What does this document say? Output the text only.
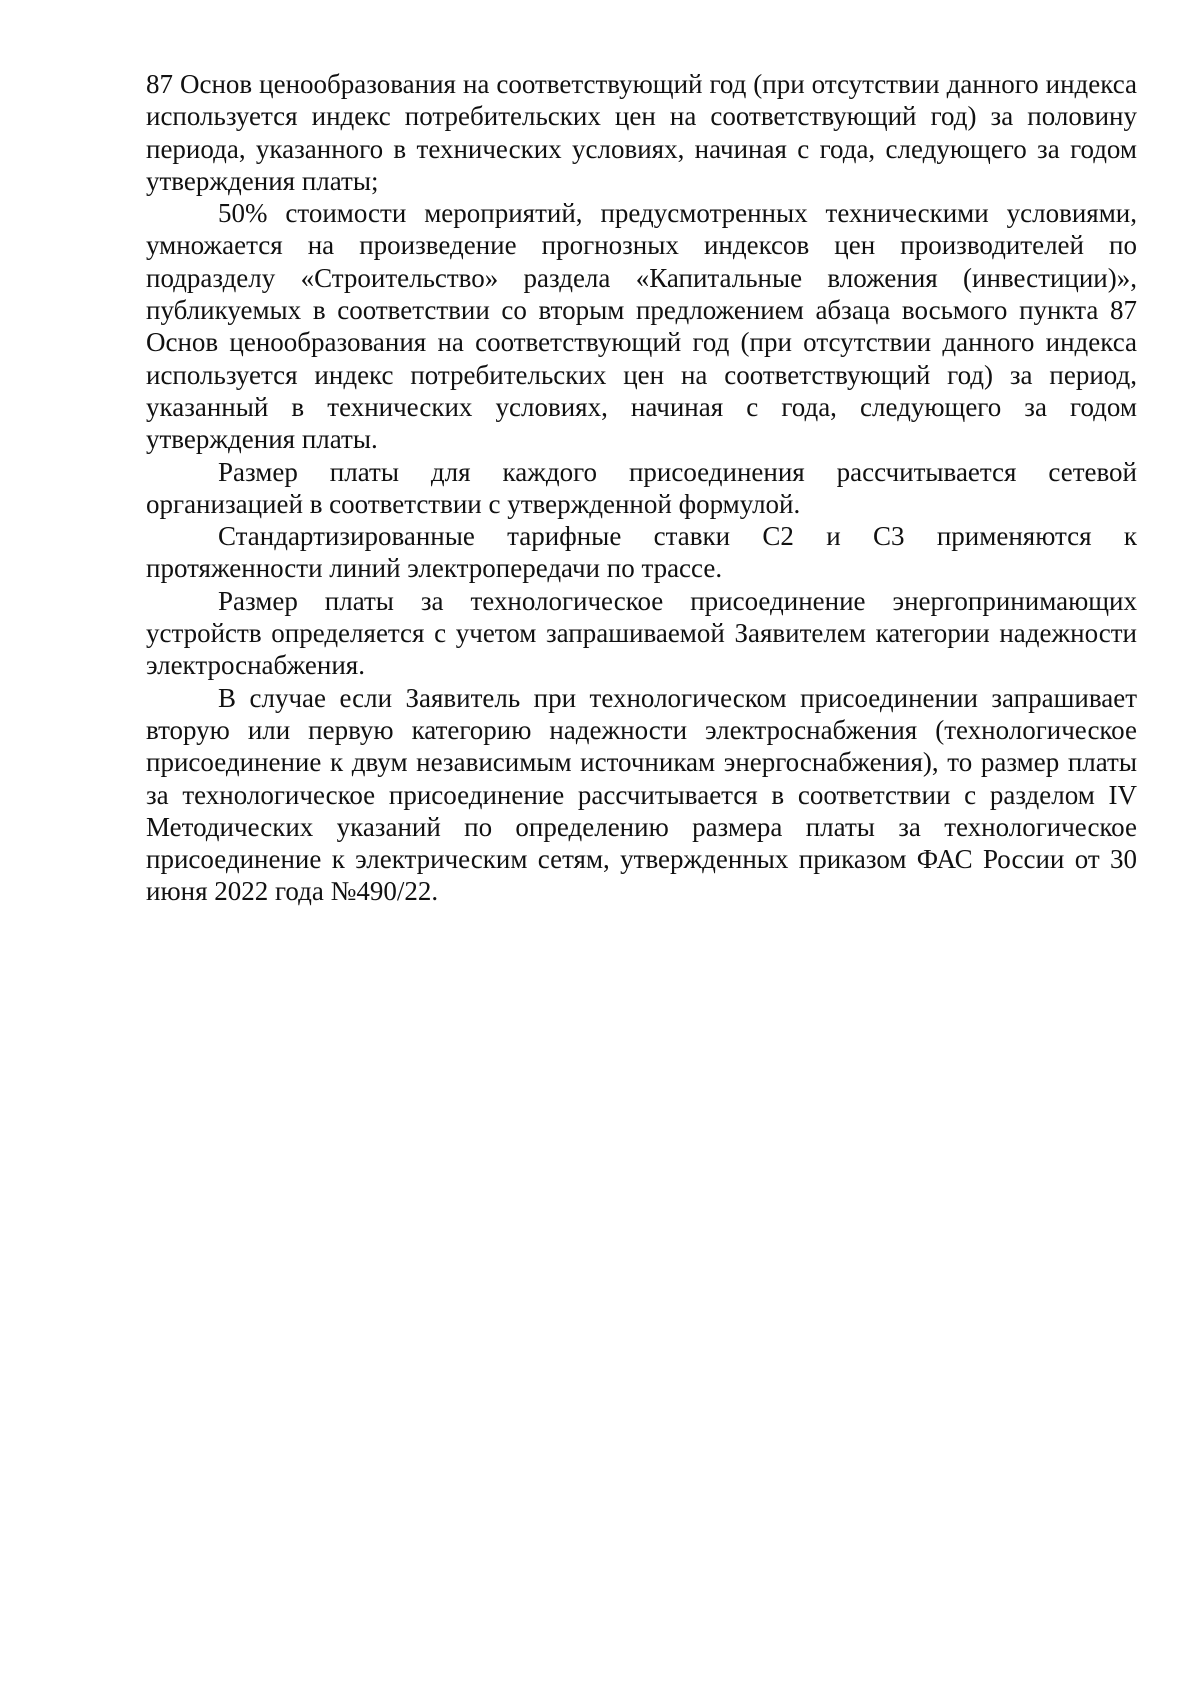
87 Основ ценообразования на соответствующий год (при отсутствии данного индекса используется индекс потребительских цен на соответствующий год) за половину периода, указанного в технических условиях, начиная с года, следующего за годом утверждения платы;

50% стоимости мероприятий, предусмотренных техническими условиями, умножается на произведение прогнозных индексов цен производителей по подразделу «Строительство» раздела «Капитальные вложения (инвестиции)», публикуемых в соответствии со вторым предложением абзаца восьмого пункта 87 Основ ценообразования на соответствующий год (при отсутствии данного индекса используется индекс потребительских цен на соответствующий год) за период, указанный в технических условиях, начиная с года, следующего за годом утверждения платы.

Размер платы для каждого присоединения рассчитывается сетевой организацией в соответствии с утвержденной формулой.

Стандартизированные тарифные ставки С2 и С3 применяются к протяженности линий электропередачи по трассе.

Размер платы за технологическое присоединение энергопринимающих устройств определяется с учетом запрашиваемой Заявителем категории надежности электроснабжения.

В случае если Заявитель при технологическом присоединении запрашивает вторую или первую категорию надежности электроснабжения (технологическое присоединение к двум независимым источникам энергоснабжения), то размер платы за технологическое присоединение рассчитывается в соответствии с разделом IV Методических указаний по определению размера платы за технологическое присоединение к электрическим сетям, утвержденных приказом ФАС России от 30 июня 2022 года №490/22.
